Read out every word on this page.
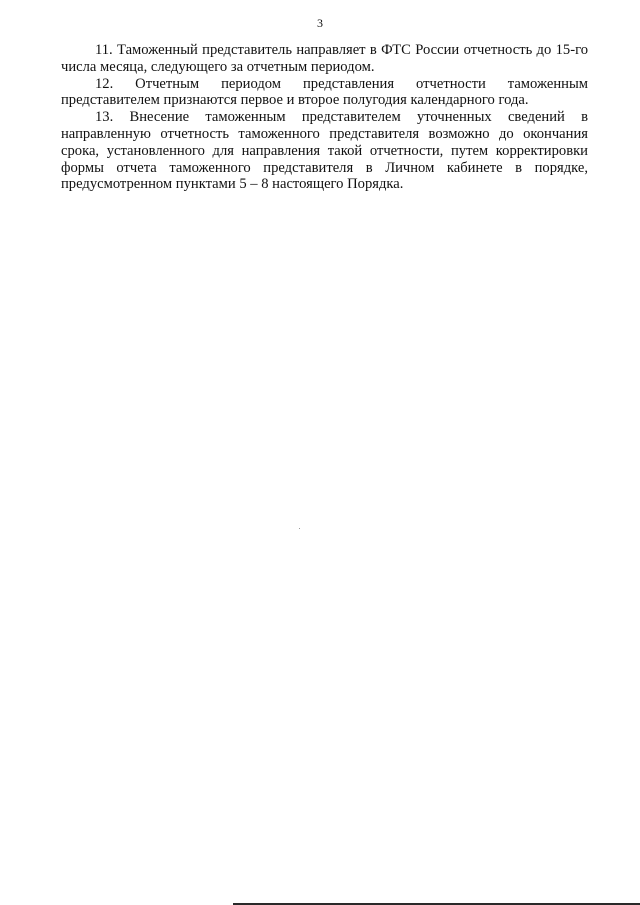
3

11. Таможенный представитель направляет в ФТС России отчетность до 15-го числа месяца, следующего за отчетным периодом.

12. Отчетным периодом представления отчетности таможенным представителем признаются первое и второе полугодия календарного года.

13. Внесение таможенным представителем уточненных сведений в направленную отчетность таможенного представителя возможно до окончания срока, установленного для направления такой отчетности, путем корректировки формы отчета таможенного представителя в Личном кабинете в порядке, предусмотренном пунктами 5 – 8 настоящего Порядка.
